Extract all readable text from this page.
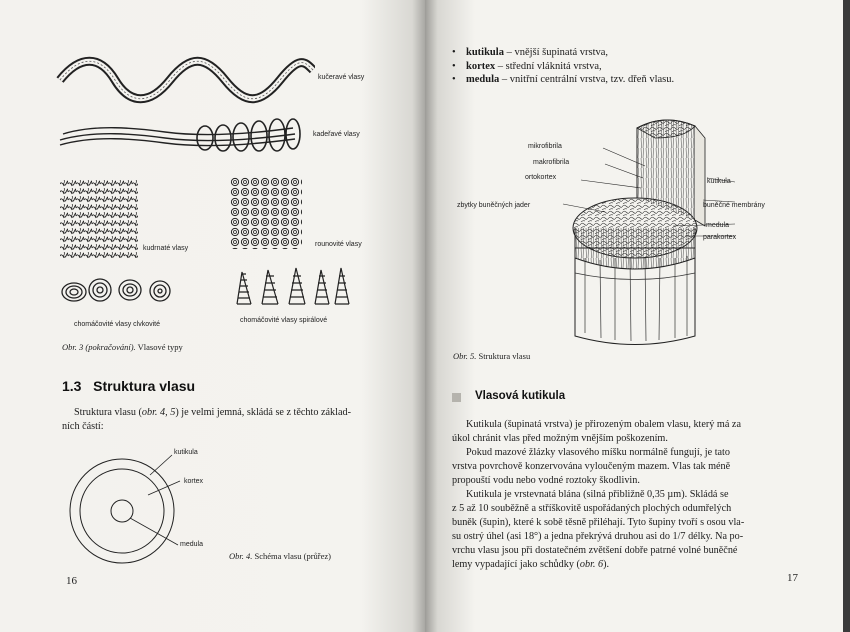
kučeravé vlasy
kadeřavé vlasy
kudrnaté vlasy
rounovité vlasy
chomáčovité vlasy clvkovité
chomáčovité vlasy spirálové
Obr. 3 (pokračování). Vlasové typy
1.3 Struktura vlasu
Struktura vlasu (obr. 4, 5) je velmi jemná, skládá se z těchto základ-
ních částí:
kutikula
kortex
medula
Obr. 4. Schéma vlasu (průřez)
16
• kutikula – vnější šupinatá vrstva,
• kortex – střední vláknitá vrstva,
• medula – vnitřní centrální vrstva, tzv. dřeň vlasu.
mikrofibrila
makrofibrila
ortokortex
zbytky buněčných jader
kutikula
buněčné membrány
medula
parakortex
Obr. 5. Struktura vlasu
Vlasová kutikula
Kutikula (šupinatá vrstva) je přirozeným obalem vlasu, který má za
úkol chránit vlas před možným vnějším poškozením.
Pokud mazové žlázky vlasového míšku normálně fungují, je tato
vrstva povrchově konzervována vyloučeným mazem. Vlas tak méně
propouští vodu nebo vodné roztoky škodlivin.
Kutikula je vrstevnatá blána (silná přibližně 0,35 µm). Skládá se
z 5 až 10 souběžně a stříškovitě uspořádaných plochých odumřelých
buněk (šupin), které k sobě těsně přiléhají. Tyto šupiny tvoří s osou vla-
su ostrý úhel (asi 18°) a jedna překrývá druhou asi do 1/7 délky. Na po-
vrchu vlasu jsou při dostatečném zvětšení dobře patrné volné buněčné
lemy vypadající jako schůdky (obr. 6).
17
